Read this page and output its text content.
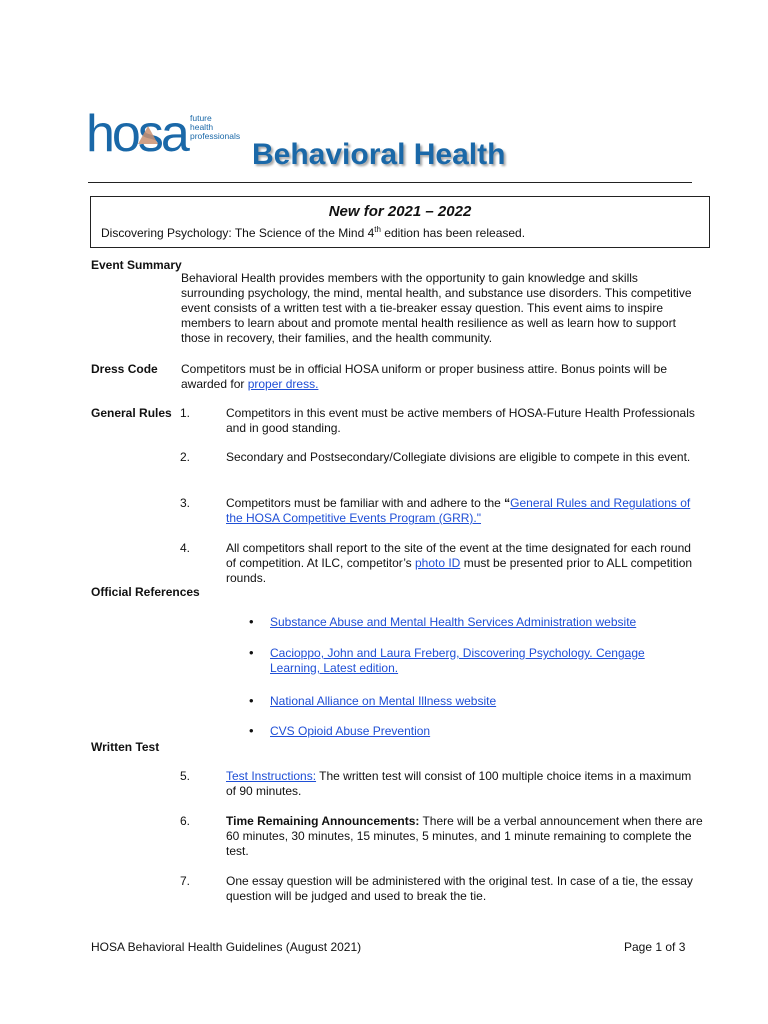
hosa future
health
professionals
Behavioral Health
New for 2021 – 2022
Discovering Psychology: The Science of the Mind 4th edition has been released.
Event Summary
Behavioral Health provides members with the opportunity to gain knowledge and skills surrounding psychology, the mind, mental health, and substance use disorders. This competitive event consists of a written test with a tie-breaker essay question. This event aims to inspire members to learn about and promote mental health resilience as well as learn how to support those in recovery, their families, and the health community.
Dress Code Competitors must be in official HOSA uniform or proper business attire. Bonus points will be awarded for proper dress.
General Rules 1.	Competitors in this event must be active members of HOSA-Future Health Professionals and in good standing.
2.	Secondary and Postsecondary/Collegiate divisions are eligible to compete in this event.
3.	Competitors must be familiar with and adhere to the “General Rules and Regulations of the HOSA Competitive Events Program (GRR)."
4.	All competitors shall report to the site of the event at the time designated for each round of competition. At ILC, competitor’s photo ID must be presented prior to ALL competition rounds.
Official References
• Substance Abuse and Mental Health Services Administration website
• Cacioppo, John and Laura Freberg, Discovering Psychology. Cengage Learning, Latest edition.
• National Alliance on Mental Illness website
• CVS Opioid Abuse Prevention
Written Test
5.	Test Instructions: The written test will consist of 100 multiple choice items in a maximum of 90 minutes.
6.	Time Remaining Announcements: There will be a verbal announcement when there are 60 minutes, 30 minutes, 15 minutes, 5 minutes, and 1 minute remaining to complete the test.
7.	One essay question will be administered with the original test. In case of a tie, the essay question will be judged and used to break the tie.
HOSA Behavioral Health Guidelines (August 2021)	Page 1 of 3
